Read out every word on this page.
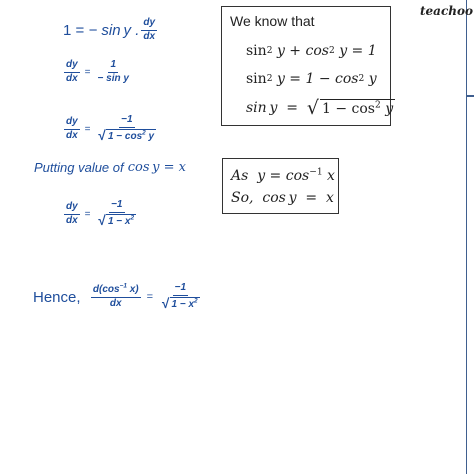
teachoo
1 =
− sin y . $\frac{dy}{dx}$
$\frac{dy}{dx} = \frac{1}{\text{− sin y}}$
$\frac{dy}{dx} = \frac{-1}{√ 1 - \cos^2 y}$
Putting value of
cos y = x
$\frac{dy}{dx} = \frac{-1}{√ 1 - x^2}$
Hence,
$\frac{d(\cos^{-1} x)}{dx} = \frac{-1}{√ 1 - x^2}$
We know that
sin 2
y + cos 2
y = 1
sin 2
y = 1 − cos 2
y
sin y  = √ $1 - \cos^2 y$
As  $y = \cos^{-1} x$
So,  cos y  =  x
